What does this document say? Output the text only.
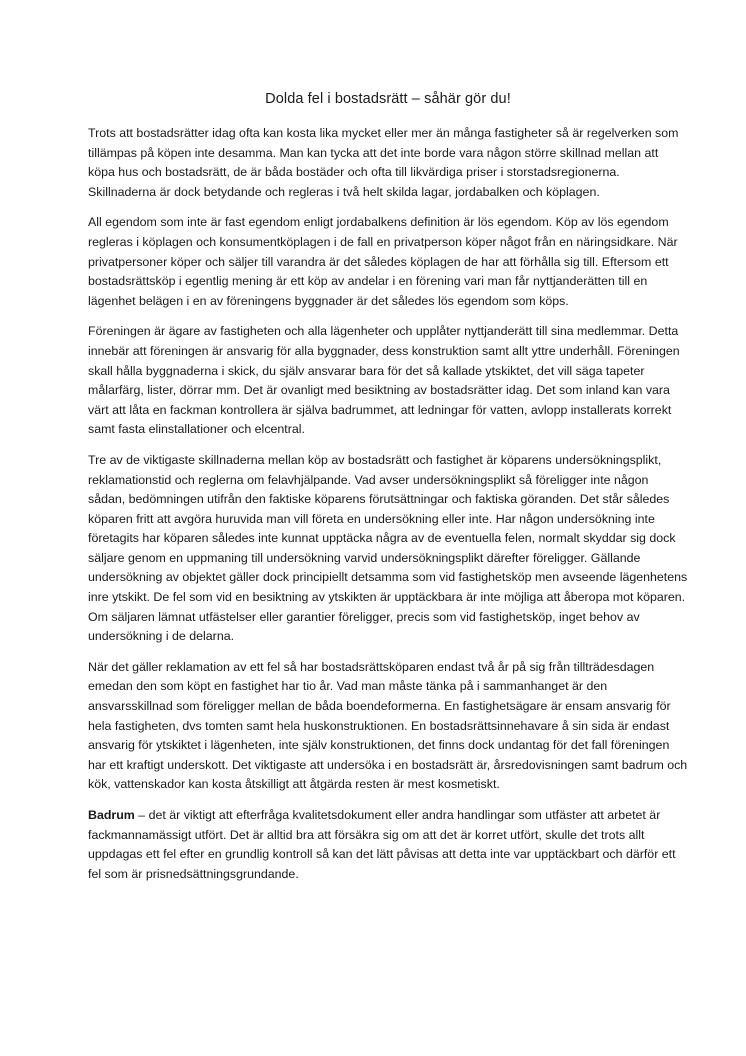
Dolda fel i bostadsrätt – såhär gör du!

Trots att bostadsrätter idag ofta kan kosta lika mycket eller mer än många fastigheter så är regelverken som tillämpas på köpen inte desamma. Man kan tycka att det inte borde vara någon större skillnad mellan att köpa hus och bostadsrätt, de är båda bostäder och ofta till likvärdiga priser i storstadsregionerna. Skillnaderna är dock betydande och regleras i två helt skilda lagar, jordabalken och köplagen.

All egendom som inte är fast egendom enligt jordabalkens definition är lös egendom. Köp av lös egendom regleras i köplagen och konsumentköplagen i de fall en privatperson köper något från en näringsidkare. När privatpersoner köper och säljer till varandra är det således köplagen de har att förhålla sig till. Eftersom ett bostadsrättsköp i egentlig mening är ett köp av andelar i en förening vari man får nyttjanderätten till en lägenhet belägen i en av föreningens byggnader är det således lös egendom som köps.

Föreningen är ägare av fastigheten och alla lägenheter och upplåter nyttjanderätt till sina medlemmar. Detta innebär att föreningen är ansvarig för alla byggnader, dess konstruktion samt allt yttre underhåll. Föreningen skall hålla byggnaderna i skick, du själv ansvarar bara för det så kallade ytskiktet, det vill säga tapeter målarfärg, lister, dörrar mm. Det är ovanligt med besiktning av bostadsrätter idag. Det som inland kan vara värt att låta en fackman kontrollera är själva badrummet, att ledningar för vatten, avlopp installerats korrekt samt fasta elinstallationer och elcentral.

Tre av de viktigaste skillnaderna mellan köp av bostadsrätt och fastighet är köparens undersökningsplikt, reklamationstid och reglerna om felavhjälpande. Vad avser undersökningsplikt så föreligger inte någon sådan, bedömningen utifrån den faktiske köparens förutsättningar och faktiska göranden. Det står således köparen fritt att avgöra huruvida man vill företa en undersökning eller inte. Har någon undersökning inte företagits har köparen således inte kunnat upptäcka några av de eventuella felen, normalt skyddar sig dock säljare genom en uppmaning till undersökning varvid undersökningsplikt därefter föreligger. Gällande undersökning av objektet gäller dock principiellt detsamma som vid fastighetsköp men avseende lägenhetens inre ytskikt. De fel som vid en besiktning av ytskikten är upptäckbara är inte möjliga att åberopa mot köparen. Om säljaren lämnat utfästelser eller garantier föreligger, precis som vid fastighetsköp, inget behov av undersökning i de delarna.

När det gäller reklamation av ett fel så har bostadsrättsköparen endast två år på sig från tillträdesdagen emedan den som köpt en fastighet har tio år. Vad man måste tänka på i sammanhanget är den ansvarsskillnad som föreligger mellan de båda boendeformerna. En fastighetsägare är ensam ansvarig för hela fastigheten, dvs tomten samt hela huskonstruktionen. En bostadsrättsinnehavare å sin sida är endast ansvarig för ytskiktet i lägenheten, inte själv konstruktionen, det finns dock undantag för det fall föreningen har ett kraftigt underskott. Det viktigaste att undersöka i en bostadsrätt är, årsredovisningen samt badrum och kök, vattenskador kan kosta åtskilligt att åtgärda resten är mest kosmetiskt.

Badrum – det är viktigt att efterfråga kvalitetsdokument eller andra handlingar som utfäster att arbetet är fackmannamässigt utfört. Det är alltid bra att försäkra sig om att det är korret utfört, skulle det trots allt uppdagas ett fel efter en grundlig kontroll så kan det lätt påvisas att detta inte var upptäckbart och därför ett fel som är prisnedsättningsgrundande.
